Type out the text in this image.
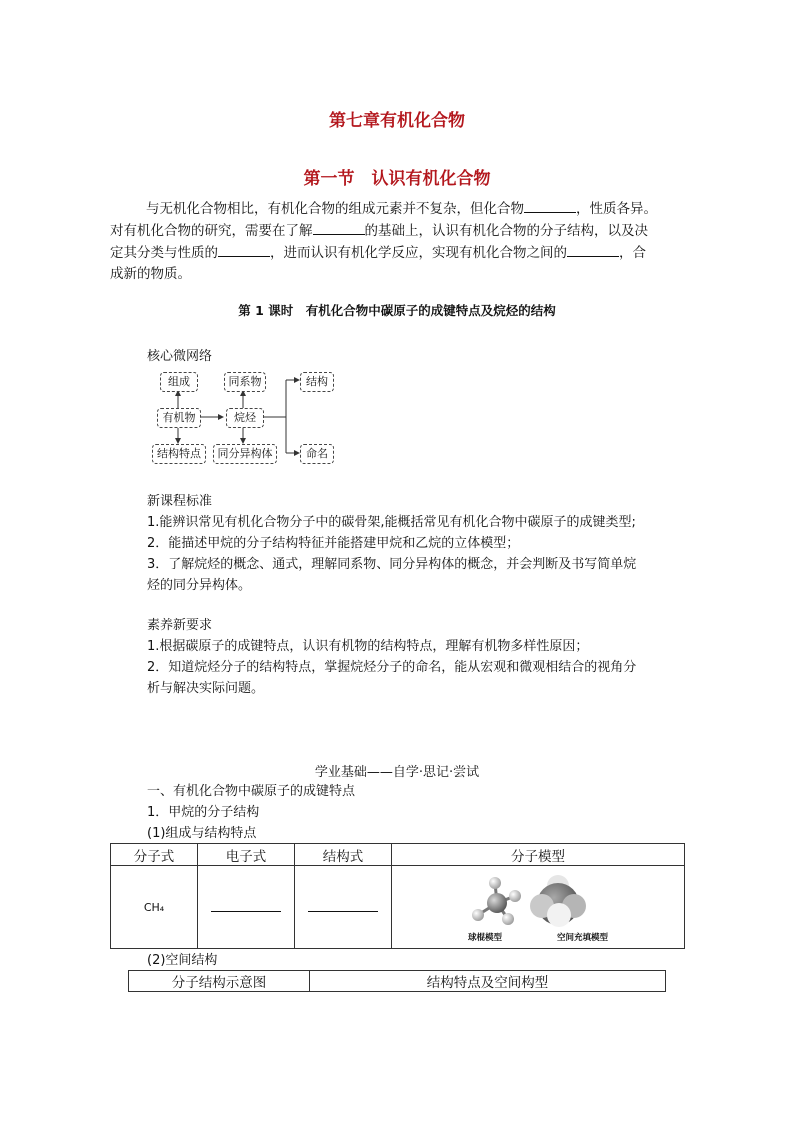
第七章有机化合物
第一节　认识有机化合物
与无机化合物相比，有机化合物的组成元素并不复杂，但化合物	，性质各异。
对有机化合物的研究，需要在了解	的基础上，认识有机化合物的分子结构，以及决
定其分类与性质的	，进而认识有机化学反应，实现有机化合物之间的	，合
成新的物质。
第 1 课时　有机化合物中碳原子的成键特点及烷烃的结构
核心微网络
组成
有机物
结构特点
同系物
烷烃
同分异构体
结构
命名
新课程标准
1.能辨识常见有机化合物分子中的碳骨架,能概括常见有机化合物中碳原子的成键类型;
2．能描述甲烷的分子结构特征并能搭建甲烷和乙烷的立体模型；
3．了解烷烃的概念、通式，理解同系物、同分异构体的概念，并会判断及书写简单烷
烃的同分异构体。
素养新要求
1.根据碳原子的成键特点，认识有机物的结构特点，理解有机物多样性原因；
2．知道烷烃分子的结构特点，掌握烷烃分子的命名，能从宏观和微观相结合的视角分
析与解决实际问题。
学业基础——自学·思记·尝试
一、有机化合物中碳原子的成键特点
1．甲烷的分子结构
(1)组成与结构特点
分子式	电子式	结构式	分子模型
CH₄			球棍模型 空间充填模型
(2)空间结构
分子结构示意图	结构特点及空间构型
